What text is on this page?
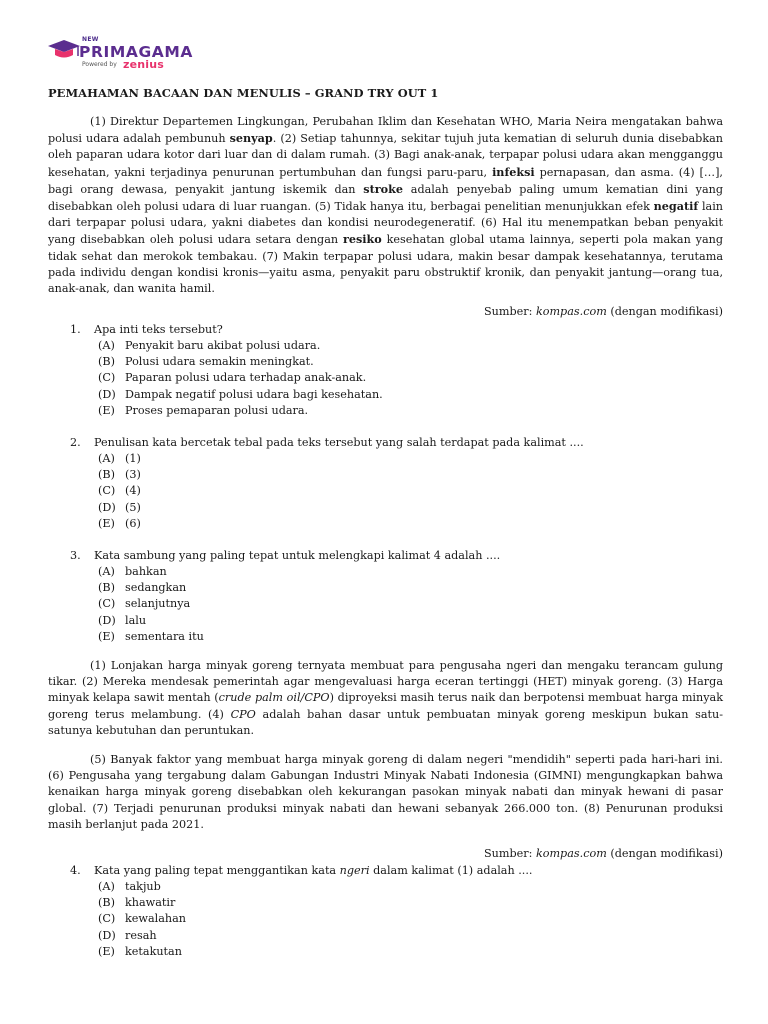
NEW
PRIMAGAMA
Powered by zenius
PEMAHAMAN BACAAN DAN MENULIS – GRAND TRY OUT 1

(1) Direktur Departemen Lingkungan, Perubahan Iklim dan Kesehatan WHO, Maria Neira mengatakan bahwa polusi udara adalah pembunuh senyap. (2) Setiap tahunnya, sekitar tujuh juta kematian di seluruh dunia disebabkan oleh paparan udara kotor dari luar dan di dalam rumah. (3) Bagi anak-anak, terpapar polusi udara akan mengganggu kesehatan, yakni terjadinya penurunan pertumbuhan dan fungsi paru-paru, infeksi pernapasan, dan asma. (4) […], bagi orang dewasa, penyakit jantung iskemik dan stroke adalah penyebab paling umum kematian dini yang disebabkan oleh polusi udara di luar ruangan. (5) Tidak hanya itu, berbagai penelitian menunjukkan efek negatif lain dari terpapar polusi udara, yakni diabetes dan kondisi neurodegeneratif. (6) Hal itu menempatkan beban penyakit yang disebabkan oleh polusi udara setara dengan resiko kesehatan global utama lainnya, seperti pola makan yang tidak sehat dan merokok tembakau. (7) Makin terpapar polusi udara, makin besar dampak kesehatannya, terutama pada individu dengan kondisi kronis—yaitu asma, penyakit paru obstruktif kronik, dan penyakit jantung—orang tua, anak-anak, dan wanita hamil.

Sumber: kompas.com (dengan modifikasi)
1. Apa inti teks tersebut?
(A) Penyakit baru akibat polusi udara.
(B) Polusi udara semakin meningkat.
(C) Paparan polusi udara terhadap anak-anak.
(D) Dampak negatif polusi udara bagi kesehatan.
(E) Proses pemaparan polusi udara.
2. Penulisan kata bercetak tebal pada teks tersebut yang salah terdapat pada kalimat ....
(A) (1)
(B) (3)
(C) (4)
(D) (5)
(E) (6)
3. Kata sambung yang paling tepat untuk melengkapi kalimat 4 adalah ....
(A) bahkan
(B) sedangkan
(C) selanjutnya
(D) lalu
(E) sementara itu

(1) Lonjakan harga minyak goreng ternyata membuat para pengusaha ngeri dan mengaku terancam gulung tikar. (2) Mereka mendesak pemerintah agar mengevaluasi harga eceran tertinggi (HET) minyak goreng. (3) Harga minyak kelapa sawit mentah (crude palm oil/CPO) diproyeksi masih terus naik dan berpotensi membuat harga minyak goreng terus melambung. (4) CPO adalah bahan dasar untuk pembuatan minyak goreng meskipun bukan satu-satunya kebutuhan dan peruntukan.

(5) Banyak faktor yang membuat harga minyak goreng di dalam negeri "mendidih" seperti pada hari-hari ini. (6) Pengusaha yang tergabung dalam Gabungan Industri Minyak Nabati Indonesia (GIMNI) mengungkapkan bahwa kenaikan harga minyak goreng disebabkan oleh kekurangan pasokan minyak nabati dan minyak hewani di pasar global. (7) Terjadi penurunan produksi minyak nabati dan hewani sebanyak 266.000 ton. (8) Penurunan produksi masih berlanjut pada 2021.

Sumber: kompas.com (dengan modifikasi)
4. Kata yang paling tepat menggantikan kata ngeri dalam kalimat (1) adalah ....
(A) takjub
(B) khawatir
(C) kewalahan
(D) resah
(E) ketakutan
